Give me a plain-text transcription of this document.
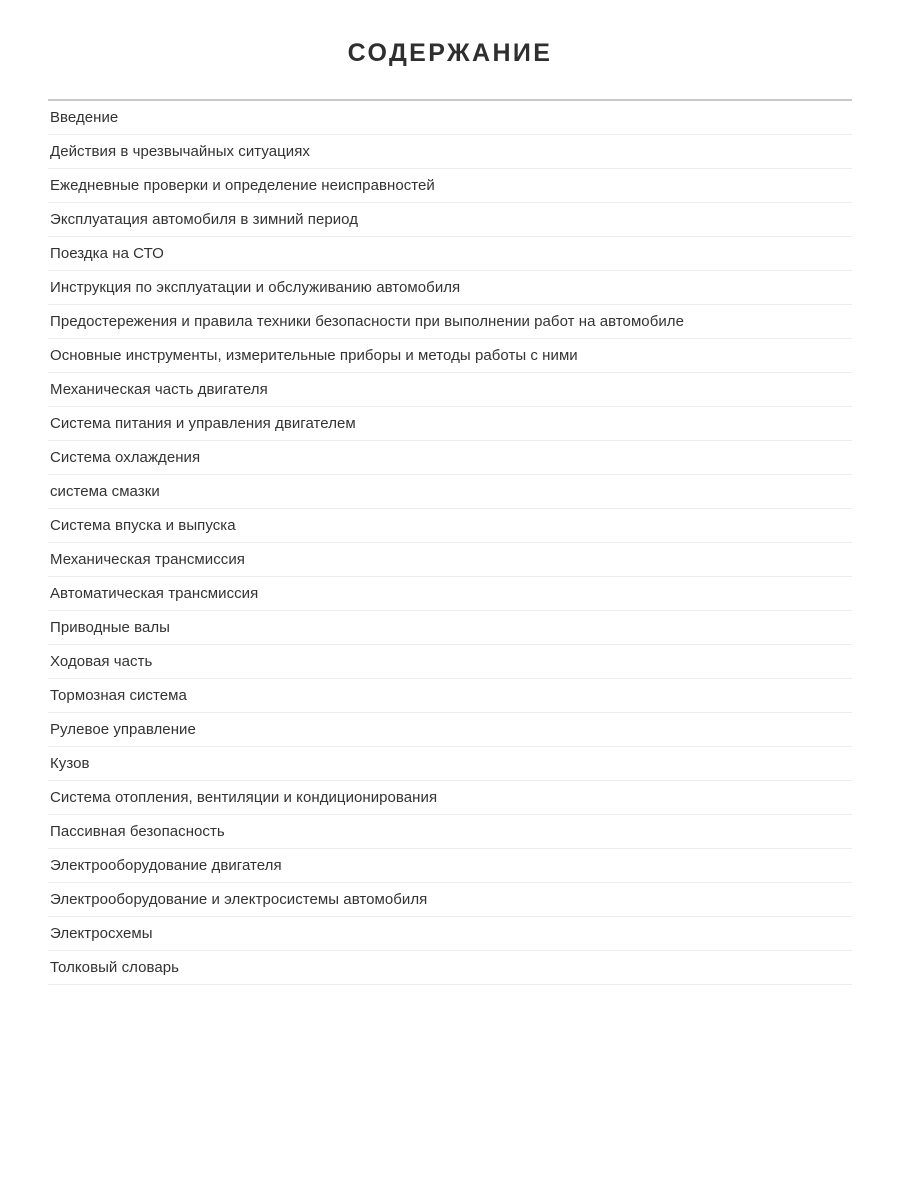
СОДЕРЖАНИЕ
Введение
Действия в чрезвычайных ситуациях
Ежедневные проверки и определение неисправностей
Эксплуатация автомобиля в зимний период
Поездка на СТО
Инструкция по эксплуатации и обслуживанию автомобиля
Предостережения и правила техники безопасности при выполнении работ на автомобиле
Основные инструменты, измерительные приборы и методы работы с ними
Механическая часть двигателя
Система питания и управления двигателем
Система охлаждения
система смазки
Система впуска и выпуска
Механическая трансмиссия
Автоматическая трансмиссия
Приводные валы
Ходовая часть
Тормозная система
Рулевое управление
Кузов
Система отопления, вентиляции и кондиционирования
Пассивная безопасность
Электрооборудование двигателя
Электрооборудование и электросистемы автомобиля
Электросхемы
Толковый словарь
